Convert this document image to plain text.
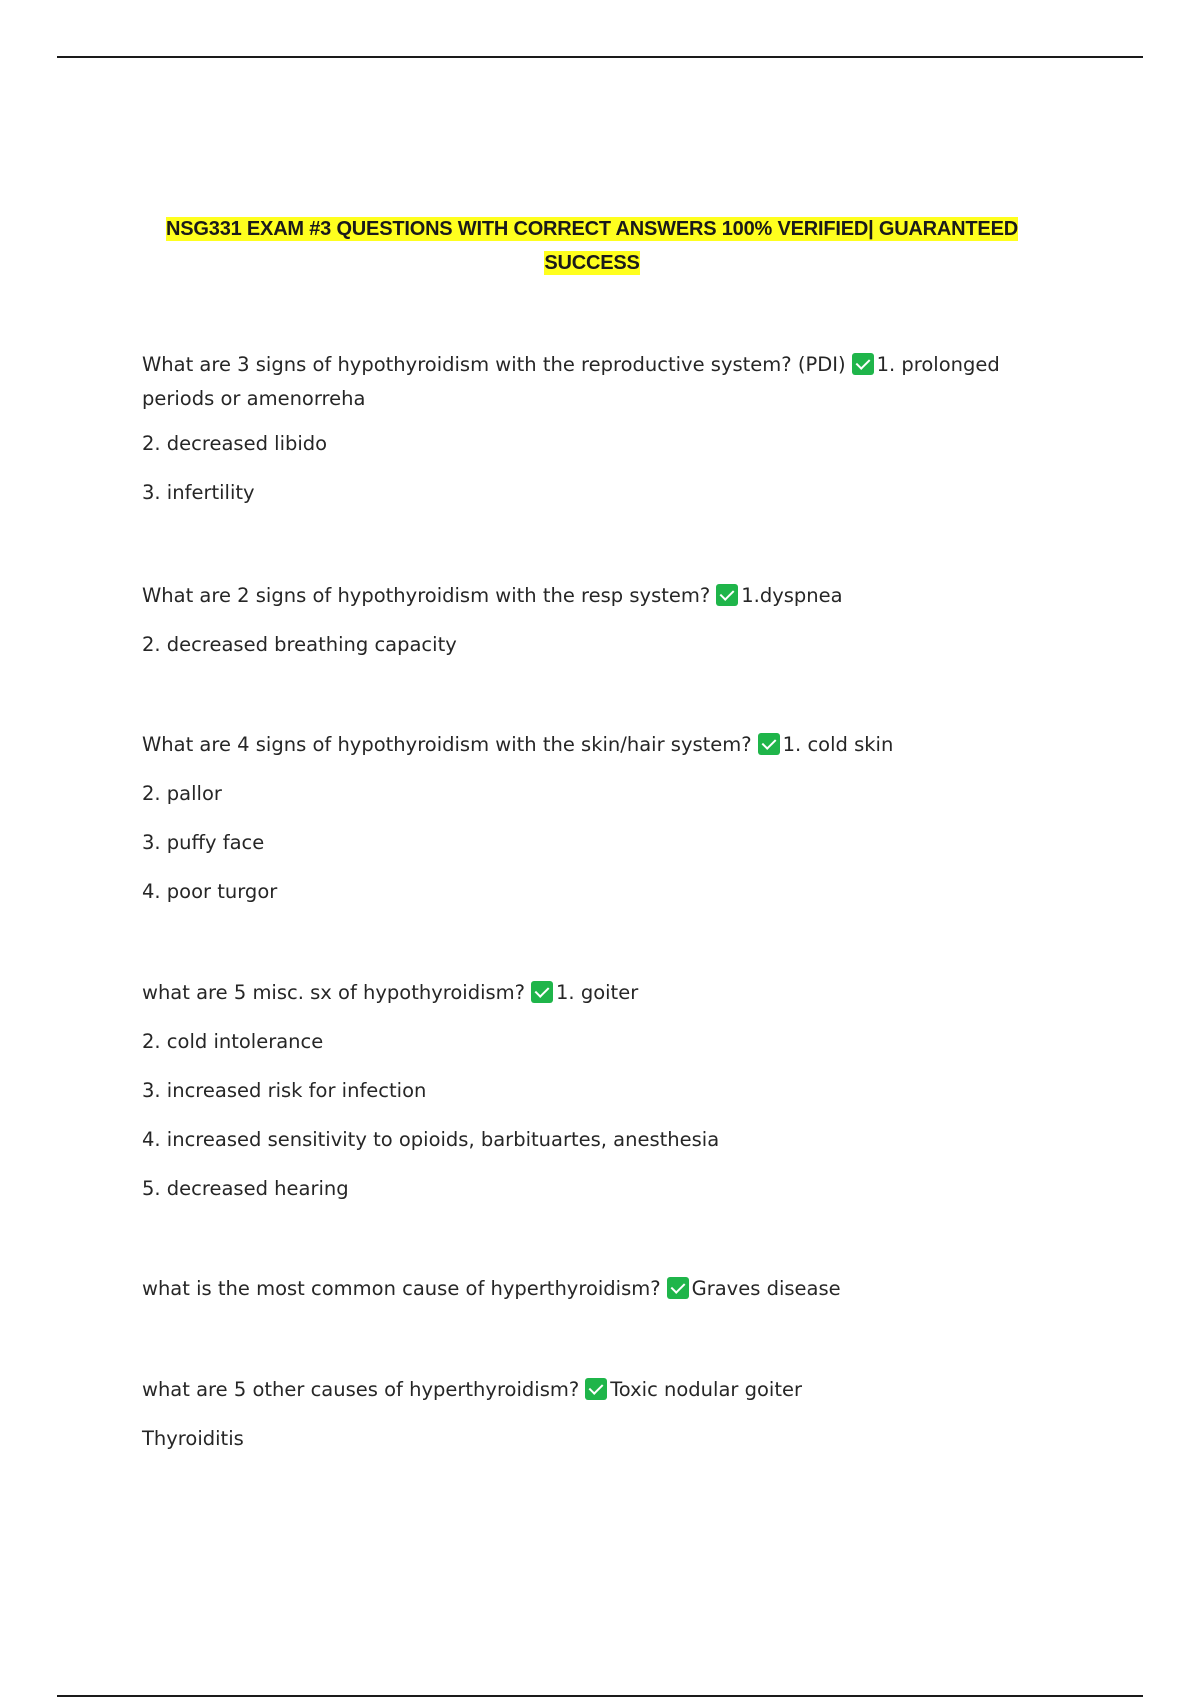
NSG331 EXAM #3 QUESTIONS WITH CORRECT ANSWERS 100% VERIFIED| GUARANTEED
SUCCESS
What are 3 signs of hypothyroidism with the reproductive system? (PDI) 1. prolonged
periods or amenorreha
2. decreased libido
3. infertility
What are 2 signs of hypothyroidism with the resp system? 1.dyspnea
2. decreased breathing capacity
What are 4 signs of hypothyroidism with the skin/hair system? 1. cold skin
2. pallor
3. puffy face
4. poor turgor
what are 5 misc. sx of hypothyroidism? 1. goiter
2. cold intolerance
3. increased risk for infection
4. increased sensitivity to opioids, barbituartes, anesthesia
5. decreased hearing
what is the most common cause of hyperthyroidism? Graves disease
what are 5 other causes of hyperthyroidism? Toxic nodular goiter
Thyroiditis
